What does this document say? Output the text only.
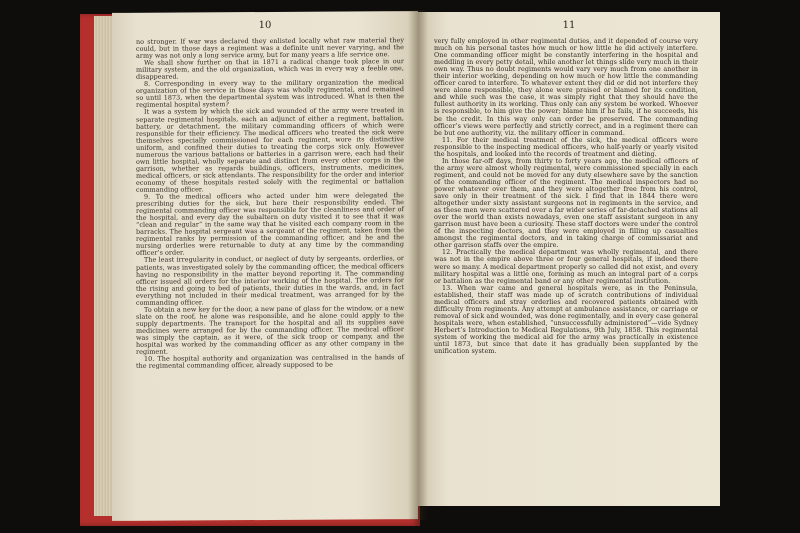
10

no stronger. If war was declared they enlisted locally what raw material they could, but in those days a regiment was a definite unit never varying, and the army was not only a long service army, but for many years a life service one.

We shall show further on that in 1871 a radical change took place in our military system, and the old organization, which was in every way a feeble one, disappeared.

8. Corresponding in every way to the military organization the medical organization of the service in those days was wholly regimental, and remained so until 1873, when the departmental system was introduced. What is then the regimental hospital system?

It was a system by which the sick and wounded of the army were treated in separate regimental hospitals, each an adjunct of either a regiment, battalion, battery, or detachment, the military commanding officers of which were responsible for their efficiency. The medical officers who treated the sick were themselves specially commissioned for each regiment, wore its distinctive uniform, and confined their duties to treating the corps sick only. However numerous the various battalions or batteries in a garrison were, each had their own little hospital, wholly separate and distinct from every other corps in the garrison, whether as regards buildings, officers, instruments, medicines, medical officers, or sick attendants. The responsibility for the order and interior economy of these hospitals rested solely with the regimental or battalion commanding officer.

9. To the medical officers who acted under him were delegated the prescribing duties for the sick, but here their responsibility ended. The regimental commanding officer was responsible for the cleanliness and order of the hospital, and every day the subaltern on duty visited it to see that it was “clean and regular” in the same way that he visited each company room in the barracks. The hospital sergeant was a sergeant of the regiment, taken from the regimental ranks by permission of the commanding officer, and he and the nursing orderlies were returnable to duty at any time by the commanding officer’s order.

The least irregularity in conduct, or neglect of duty by sergeants, orderlies, or patients, was investigated solely by the commanding officer, the medical officers having no responsibility in the matter beyond reporting it. The commanding officer issued all orders for the interior working of the hospital. The orders for the rising and going to bed of patients, their duties in the wards, and, in fact everything not included in their medical treatment, was arranged for by the commanding officer.

To obtain a new key for the door, a new pane of glass for the window, or a new slate on the roof, he alone was responsible, and he alone could apply to the supply departments. The transport for the hospital and all its supplies save medicines were arranged for by the commanding officer. The medical officer was simply the captain, as it were, of the sick troop or company, and the hospital was worked by the commanding officer as any other company in the regiment.

10. The hospital authority and organization was centralised in the hands of the regimental commanding officer, already supposed to be

11

very fully employed in other regimental duties, and it depended of course very much on his personal tastes how much or how little he did actively interfere. One commanding officer might be constantly interfering in the hospital and meddling in every petty detail, while another let things slide very much in their own way. Thus no doubt regiments would vary very much from one another in their interior working, depending on how much or how little the commanding officer cared to interfere. To whatever extent they did or did not interfere they were alone responsible, they alone were praised or blamed for its condition, and while such was the case, it was simply right that they should have the fullest authority in its working. Thus only can any system be worked. Whoever is responsible, to him give the power; blame him if he fails, if he succeeds, his be the credit. In this way only can order be preserved. The commanding officer’s views were perfectly and strictly correct, and in a regiment there can be but one authority, viz. the military officer in command.

11. For their medical treatment of the sick, the medical officers were responsible to the inspecting medical officers, who half-yearly or yearly visited the hospitals, and looked into the records of treatment and dieting.

In those far-off days, from thirty to forty years ago, the medical officers of the army were almost wholly regimental, were commissioned specially in each regiment, and could not be moved for any duty elsewhere save by the sanction of the commanding officer of the regiment. The medical inspectors had no power whatever over them, and they were altogether free from his control, save only in their treatment of the sick. I find that in 1844 there were altogether under sixty assistant surgeons not in regiments in the service, and as these men were scattered over a far wider series of far-detached stations all over the world than exists nowadays, even one staff assistant surgeon in any garrison must have been a curiosity. These staff doctors were under the control of the inspecting doctors, and they were employed in filling up casualties amongst the regimental doctors, and in taking charge of commissariat and other garrison staffs over the empire.

12. Practically the medical department was wholly regimental, and there was not in the empire above three or four general hospitals, if indeed there were so many. A medical department properly so called did not exist, and every military hospital was a little one, forming as much an integral part of a corps or battalion as the regimental band or any other regimental institution.

13. When war came and general hospitals were, as in the Peninsula, established, their staff was made up of scratch contributions of individual medical officers and stray orderlies and recovered patients obtained with difficulty from regiments. Any attempt at ambulance assistance, or carriage or removal of sick and wounded, was done regimentally, and in every case general hospitals were, when established, “unsuccessfully administered”—vide Sydney Herbert’s Introduction to Medical Regulations, 9th July, 1858. This regimental system of working the medical aid for the army was practically in existence until 1873, but since that date it has gradually been supplanted by the unification system.
